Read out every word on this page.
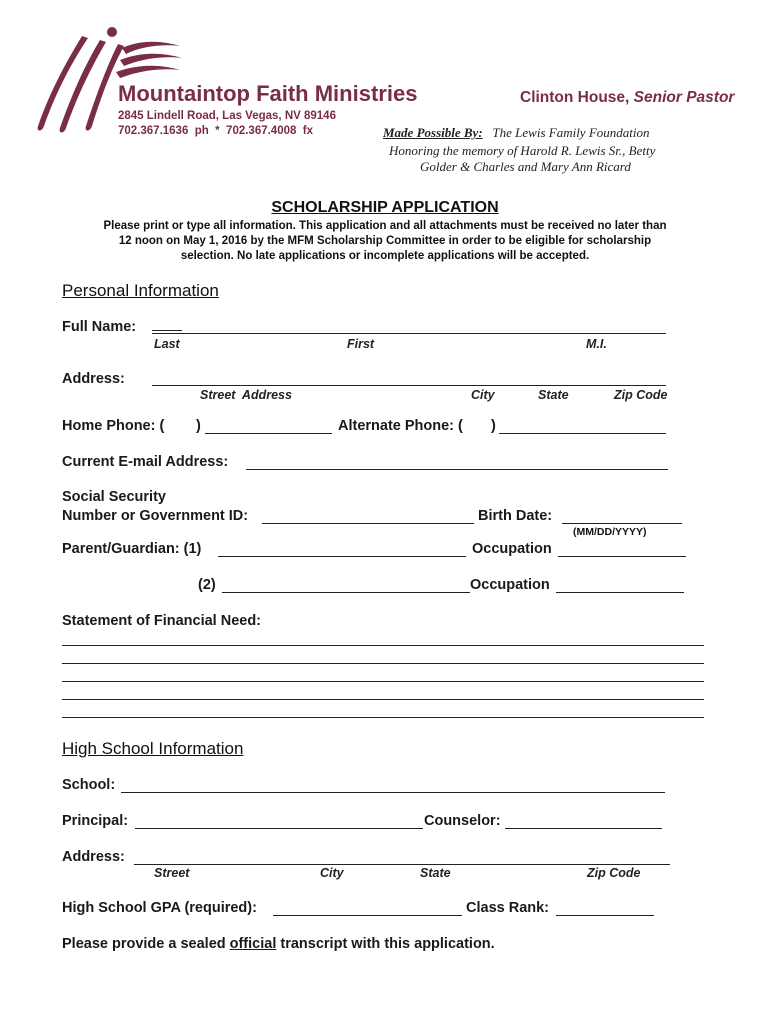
Mountaintop Faith Ministries
2845 Lindell Road, Las Vegas, NV 89146
702.367.1636  ph  *  702.367.4008  fx
Clinton House, Senior Pastor
Made Possible By: The Lewis Family Foundation
Honoring the memory of Harold R. Lewis Sr., Betty
Golder & Charles and Mary Ann Ricard
SCHOLARSHIP APPLICATION
Please print or type all information. This application and all attachments must be received no later than
12 noon on May 1, 2016 by the MFM Scholarship Committee in order to be eligible for scholarship
selection. No late applications or incomplete applications will be accepted.
Personal Information
Full Name:
Last	First	M.I.
Address:
Street  Address	City	State	Zip Code
Home Phone: ( )	Alternate Phone: ( )
Current E-mail Address:
Social Security
Number or Government ID:	Birth Date:
(MM/DD/YYYY)
Parent/Guardian: (1)	Occupation
(2)	Occupation
Statement of Financial Need:
High School Information
School:
Principal:	Counselor:
Address:
Street	City	State	Zip Code
High School GPA (required):	Class Rank:
Please provide a sealed official transcript with this application.
